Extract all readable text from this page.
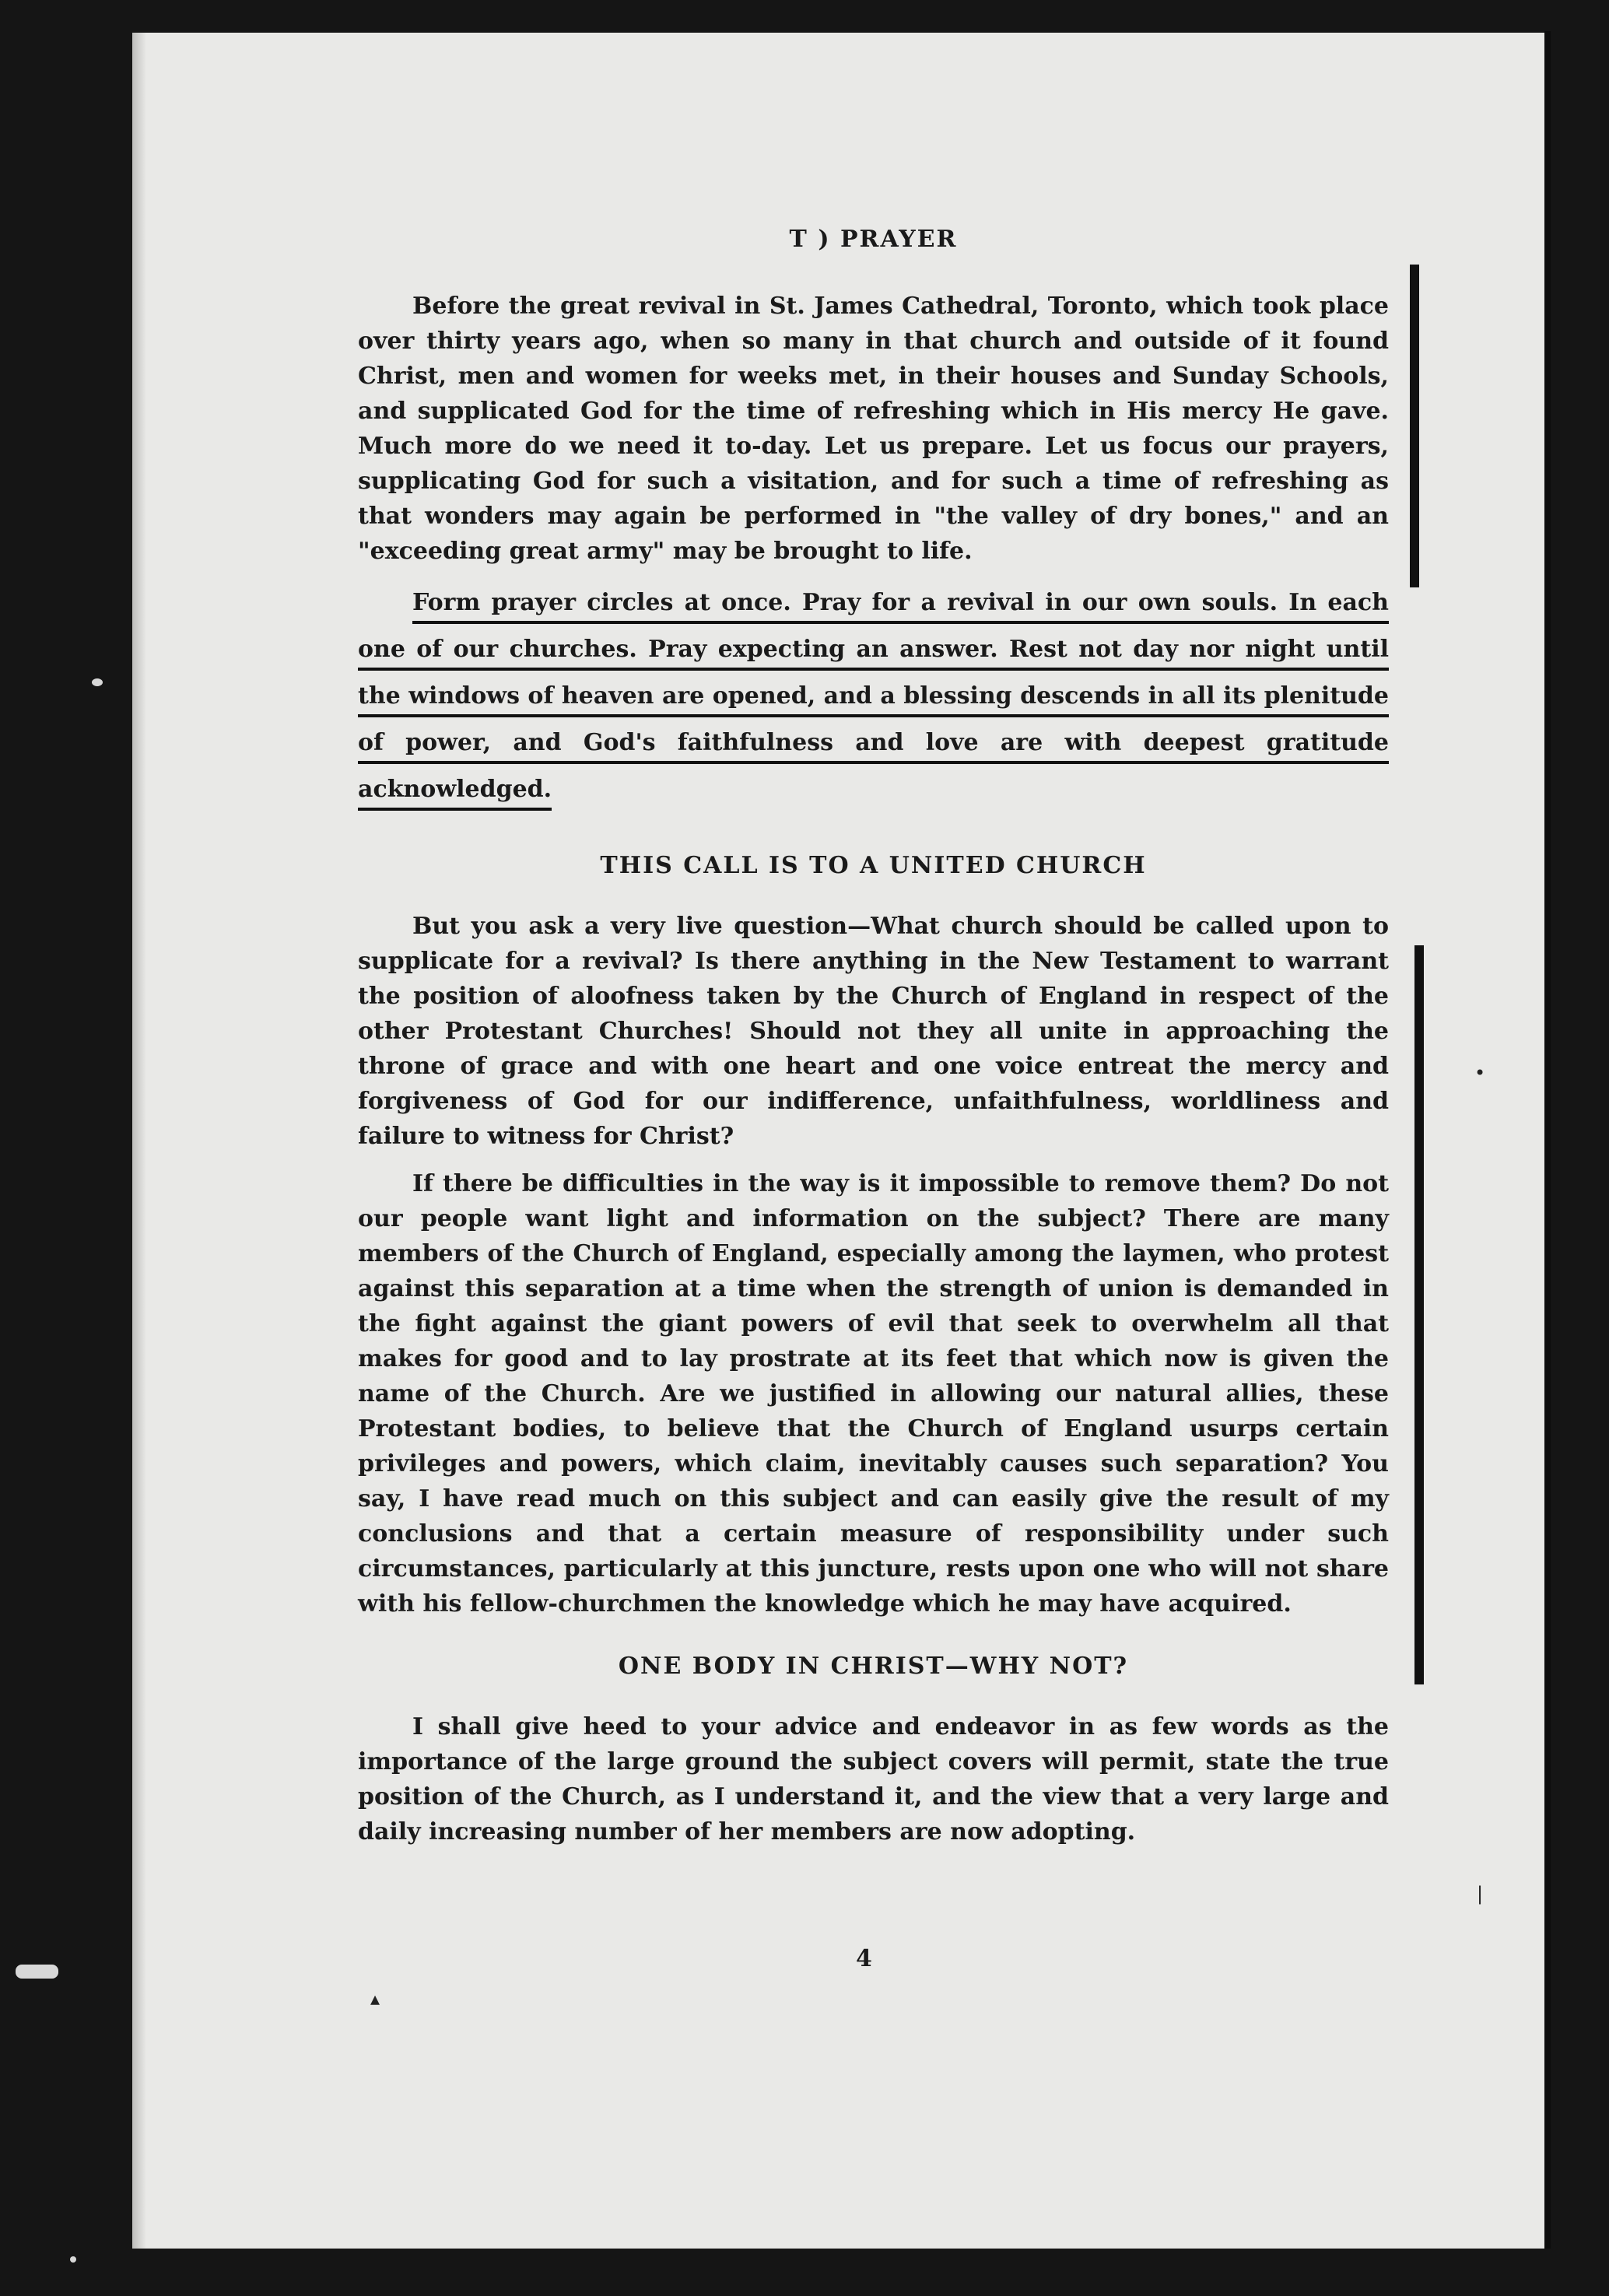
T ) PRAYER

Before the great revival in St. James Cathedral, Toronto, which took place over thirty years ago, when so many in that church and outside of it found Christ, men and women for weeks met, in their houses and Sunday Schools, and supplicated God for the time of refreshing which in His mercy He gave. Much more do we need it to-day. Let us prepare. Let us focus our prayers, supplicating God for such a visitation, and for such a time of refreshing as that wonders may again be performed in "the valley of dry bones," and an "exceeding great army" may be brought to life.

Form prayer circles at once. Pray for a revival in our own souls. In each one of our churches. Pray expecting an answer. Rest not day nor night until the windows of heaven are opened, and a blessing descends in all its plenitude of power, and God's faithfulness and love are with deepest gratitude acknowledged.

THIS CALL IS TO A UNITED CHURCH

But you ask a very live question—What church should be called upon to supplicate for a revival? Is there anything in the New Testament to warrant the position of aloofness taken by the Church of England in respect of the other Protestant Churches! Should not they all unite in approaching the throne of grace and with one heart and one voice entreat the mercy and forgiveness of God for our indifference, unfaithfulness, worldliness and failure to witness for Christ?

If there be difficulties in the way is it impossible to remove them? Do not our people want light and information on the subject? There are many members of the Church of England, especially among the laymen, who protest against this separation at a time when the strength of union is demanded in the fight against the giant powers of evil that seek to overwhelm all that makes for good and to lay prostrate at its feet that which now is given the name of the Church. Are we justified in allowing our natural allies, these Protestant bodies, to believe that the Church of England usurps certain privileges and powers, which claim, inevitably causes such separation? You say, I have read much on this subject and can easily give the result of my conclusions and that a certain measure of responsibility under such circumstances, particularly at this juncture, rests upon one who will not share with his fellow-churchmen the knowledge which he may have acquired.

ONE BODY IN CHRIST—WHY NOT?

I shall give heed to your advice and endeavor in as few words as the importance of the large ground the subject covers will permit, state the true position of the Church, as I understand it, and the view that a very large and daily increasing number of her members are now adopting.

4
▴
•
|
